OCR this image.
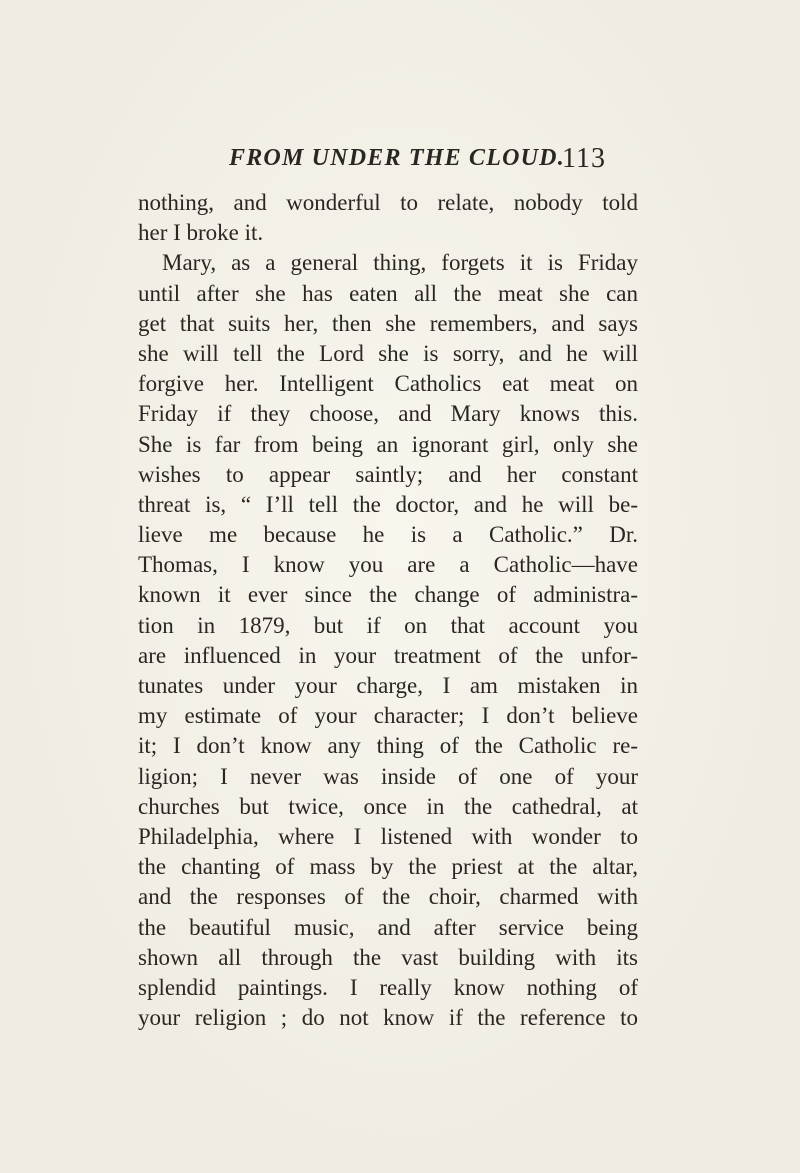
FROM UNDER THE CLOUD.
113
nothing, and wonderful to relate, nobody told
her I broke it.
Mary, as a general thing, forgets it is Friday
until after she has eaten all the meat she can
get that suits her, then she remembers, and says
she will tell the Lord she is sorry, and he will
forgive her. Intelligent Catholics eat meat on
Friday if they choose, and Mary knows this.
She is far from being an ignorant girl, only she
wishes to appear saintly; and her constant
threat is, “ I’ll tell the doctor, and he will be-
lieve me because he is a Catholic.” Dr.
Thomas, I know you are a Catholic—have
known it ever since the change of administra-
tion in 1879, but if on that account you
are influenced in your treatment of the unfor-
tunates under your charge, I am mistaken in
my estimate of your character; I don’t believe
it; I don’t know any thing of the Catholic re-
ligion; I never was inside of one of your
churches but twice, once in the cathedral, at
Philadelphia, where I listened with wonder to
the chanting of mass by the priest at the altar,
and the responses of the choir, charmed with
the beautiful music, and after service being
shown all through the vast building with its
splendid paintings. I really know nothing of
your religion ; do not know if the reference to
